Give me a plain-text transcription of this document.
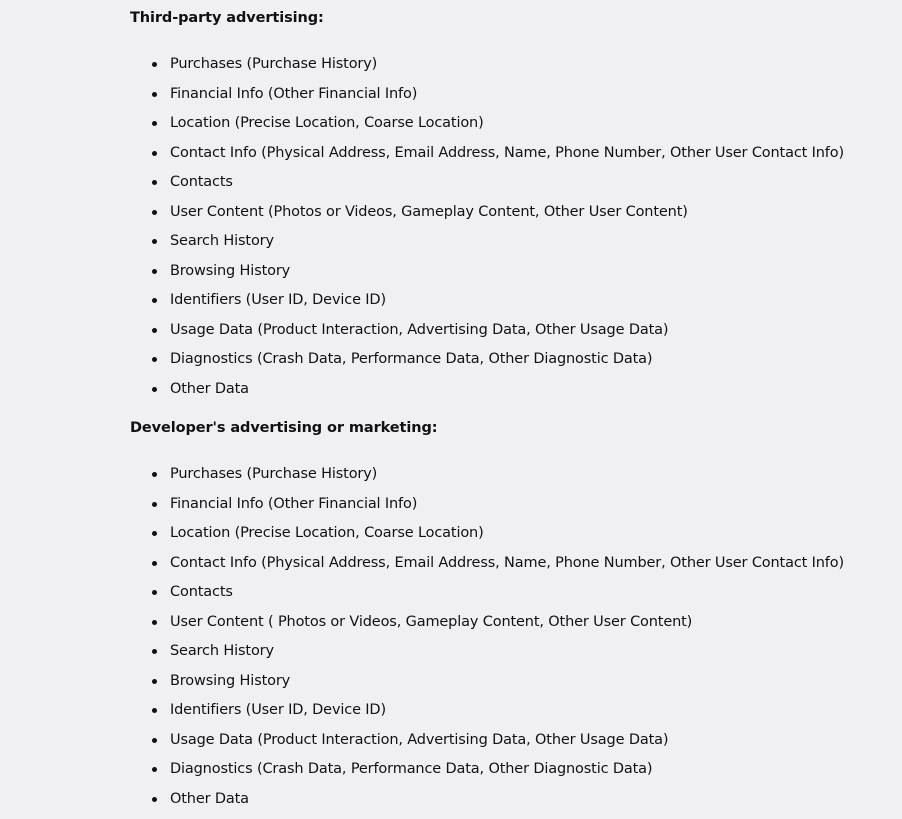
Third-party advertising:
Purchases (Purchase History)
Financial Info (Other Financial Info)
Location (Precise Location, Coarse Location)
Contact Info (Physical Address, Email Address, Name, Phone Number, Other User Contact Info)
Contacts
User Content (Photos or Videos, Gameplay Content, Other User Content)
Search History
Browsing History
Identifiers (User ID, Device ID)
Usage Data (Product Interaction, Advertising Data, Other Usage Data)
Diagnostics (Crash Data, Performance Data, Other Diagnostic Data)
Other Data
Developer's advertising or marketing:
Purchases (Purchase History)
Financial Info (Other Financial Info)
Location (Precise Location, Coarse Location)
Contact Info (Physical Address, Email Address, Name, Phone Number, Other User Contact Info)
Contacts
User Content ( Photos or Videos, Gameplay Content, Other User Content)
Search History
Browsing History
Identifiers (User ID, Device ID)
Usage Data (Product Interaction, Advertising Data, Other Usage Data)
Diagnostics (Crash Data, Performance Data, Other Diagnostic Data)
Other Data
